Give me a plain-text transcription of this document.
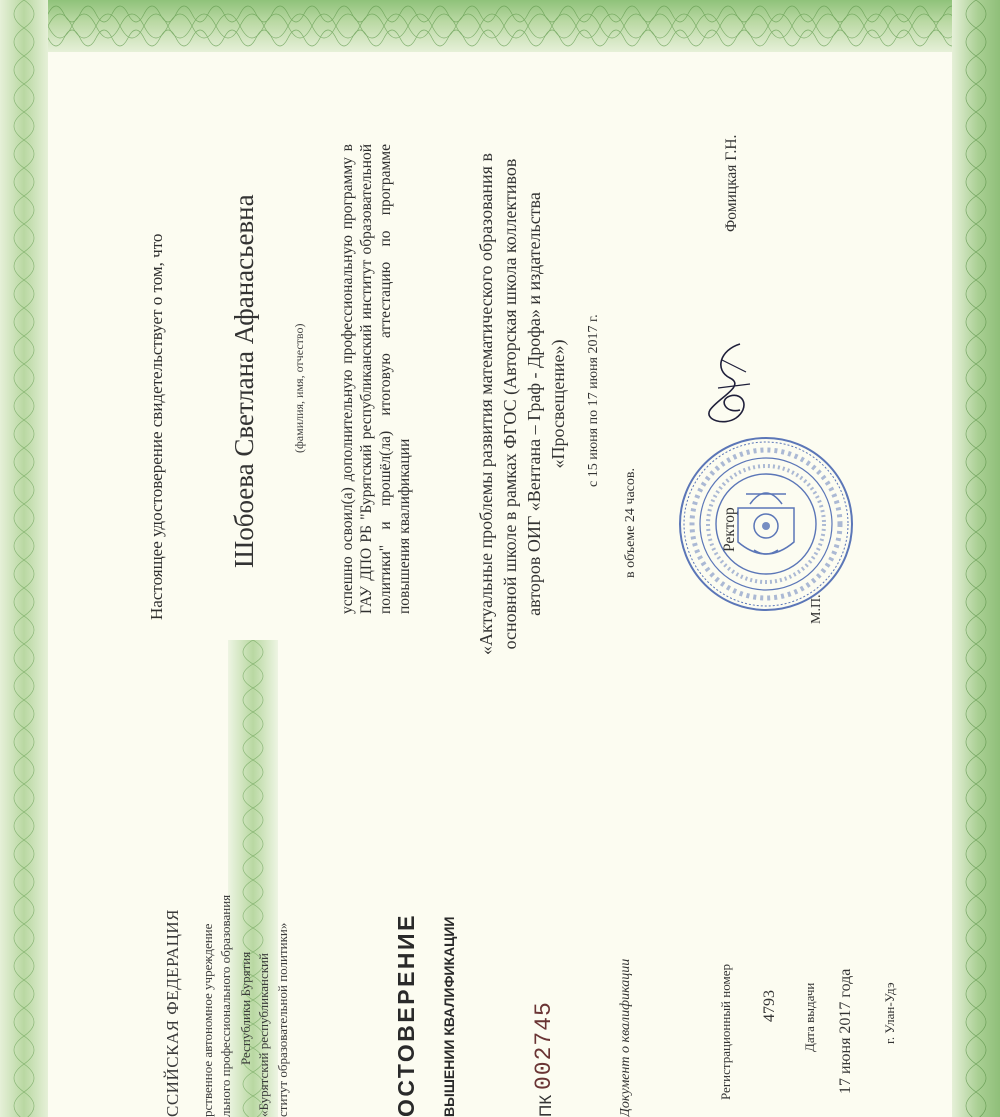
Настоящее удостоверение свидетельствует о том, что Шобоева Светлана Афанасьевна	(фамилия, имя, отчество) успешно освоил(а) дополнительную профессиональную программу в ГАУ ДПО РБ "Бурятский республиканский институт образовательной политики" и прошёл(ла) итоговую аттестацию по программе повышения квалификации	«Актуальные проблемы развития математического образования в основной школе в рамках ФГОС (Авторская школа коллективов авторов ОИГ «Вентана – Граф - Дрофа» и издательства «Просвещение») с 15 июня по 17 июня 2017 г.
в объеме 24 часов.	Ректор
Фомицкая Г.Н.
М.П.
ССИЙСКАЯ ФЕДЕРАЦИЯ рственное автономное учреждение льного профессионального образования Республики Бурятия «Бурятский республиканский ститут образовательной политики»	ОСТОВЕРЕНИЕ ВЫШЕНИИ КВАЛИФИКАЦИИ	ПК
002745	Документ о квалификации	Регистрационный номер 4793 Дата выдачи 17 июня 2017 года г. Улан-Удэ
